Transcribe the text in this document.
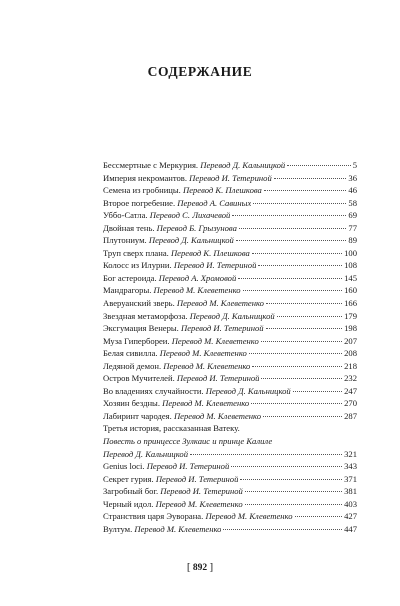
СОДЕРЖАНИЕ
Бессмертные с Меркурия. Перевод Д. Кальницкой	5
Империя некромантов. Перевод И. Тетериной	36
Семена из гробницы. Перевод К. Плешкова	46
Второе погребение. Перевод А. Савиных	58
Уббо-Сатла. Перевод С. Лихачевой	69
Двойная тень. Перевод Б. Грызунова	77
Плутониум. Перевод Д. Кальницкой	89
Труп сверх плана. Перевод К. Плешкова	100
Колосс из Илурни. Перевод И. Тетериной	108
Бог астероида. Перевод А. Хромовой	145
Мандрагоры. Перевод М. Клеветенко	160
Аверуанский зверь. Перевод М. Клеветенко	166
Звездная метаморфоза. Перевод Д. Кальницкой	179
Эксгумация Венеры. Перевод И. Тетериной	198
Муза Гипербореи. Перевод М. Клеветенко	207
Белая сивилла. Перевод М. Клеветенко	208
Ледяной демон. Перевод М. Клеветенко	218
Остров Мучителей. Перевод И. Тетериной	232
Во владениях случайности. Перевод Д. Кальницкой	247
Хозяин бездны. Перевод М. Клеветенко	270
Лабиринт чародея. Перевод М. Клеветенко	287
Третья история, рассказанная Ватеку.
Повесть о принцессе Зулкаис и принце Калиле
Перевод Д. Кальницкой	321
Genius loci. Перевод И. Тетериной	343
Секрет гурия. Перевод И. Тетериной	371
Загробный бог. Перевод И. Тетериной	381
Черный идол. Перевод М. Клеветенко	403
Странствия царя Эуворана. Перевод М. Клеветенко	427
Вултум. Перевод М. Клеветенко	447
[ 892 ]
